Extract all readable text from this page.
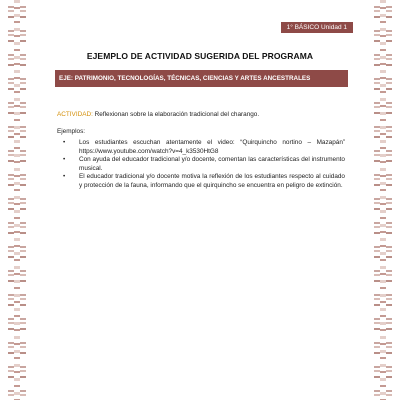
1° BÁSICO Unidad 1
EJEMPLO DE ACTIVIDAD SUGERIDA DEL PROGRAMA
EJE: PATRIMONIO, TECNOLOGÍAS, TÉCNICAS, CIENCIAS Y ARTES ANCESTRALES
ACTIVIDAD: Reflexionan sobre la elaboración tradicional del charango.
Ejemplos:
• Los estudiantes escuchan atentamente el video: “Quirquincho nortino – Mazapán” https://www.youtube.com/watch?v=4_k3530HtG8
• Con ayuda del educador tradicional y/o docente, comentan las características del instrumento musical.
• El educador tradicional y/o docente motiva la reflexión de los estudiantes respecto al cuidado y protección de la fauna, informando que el quirquincho se encuentra en peligro de extinción.
